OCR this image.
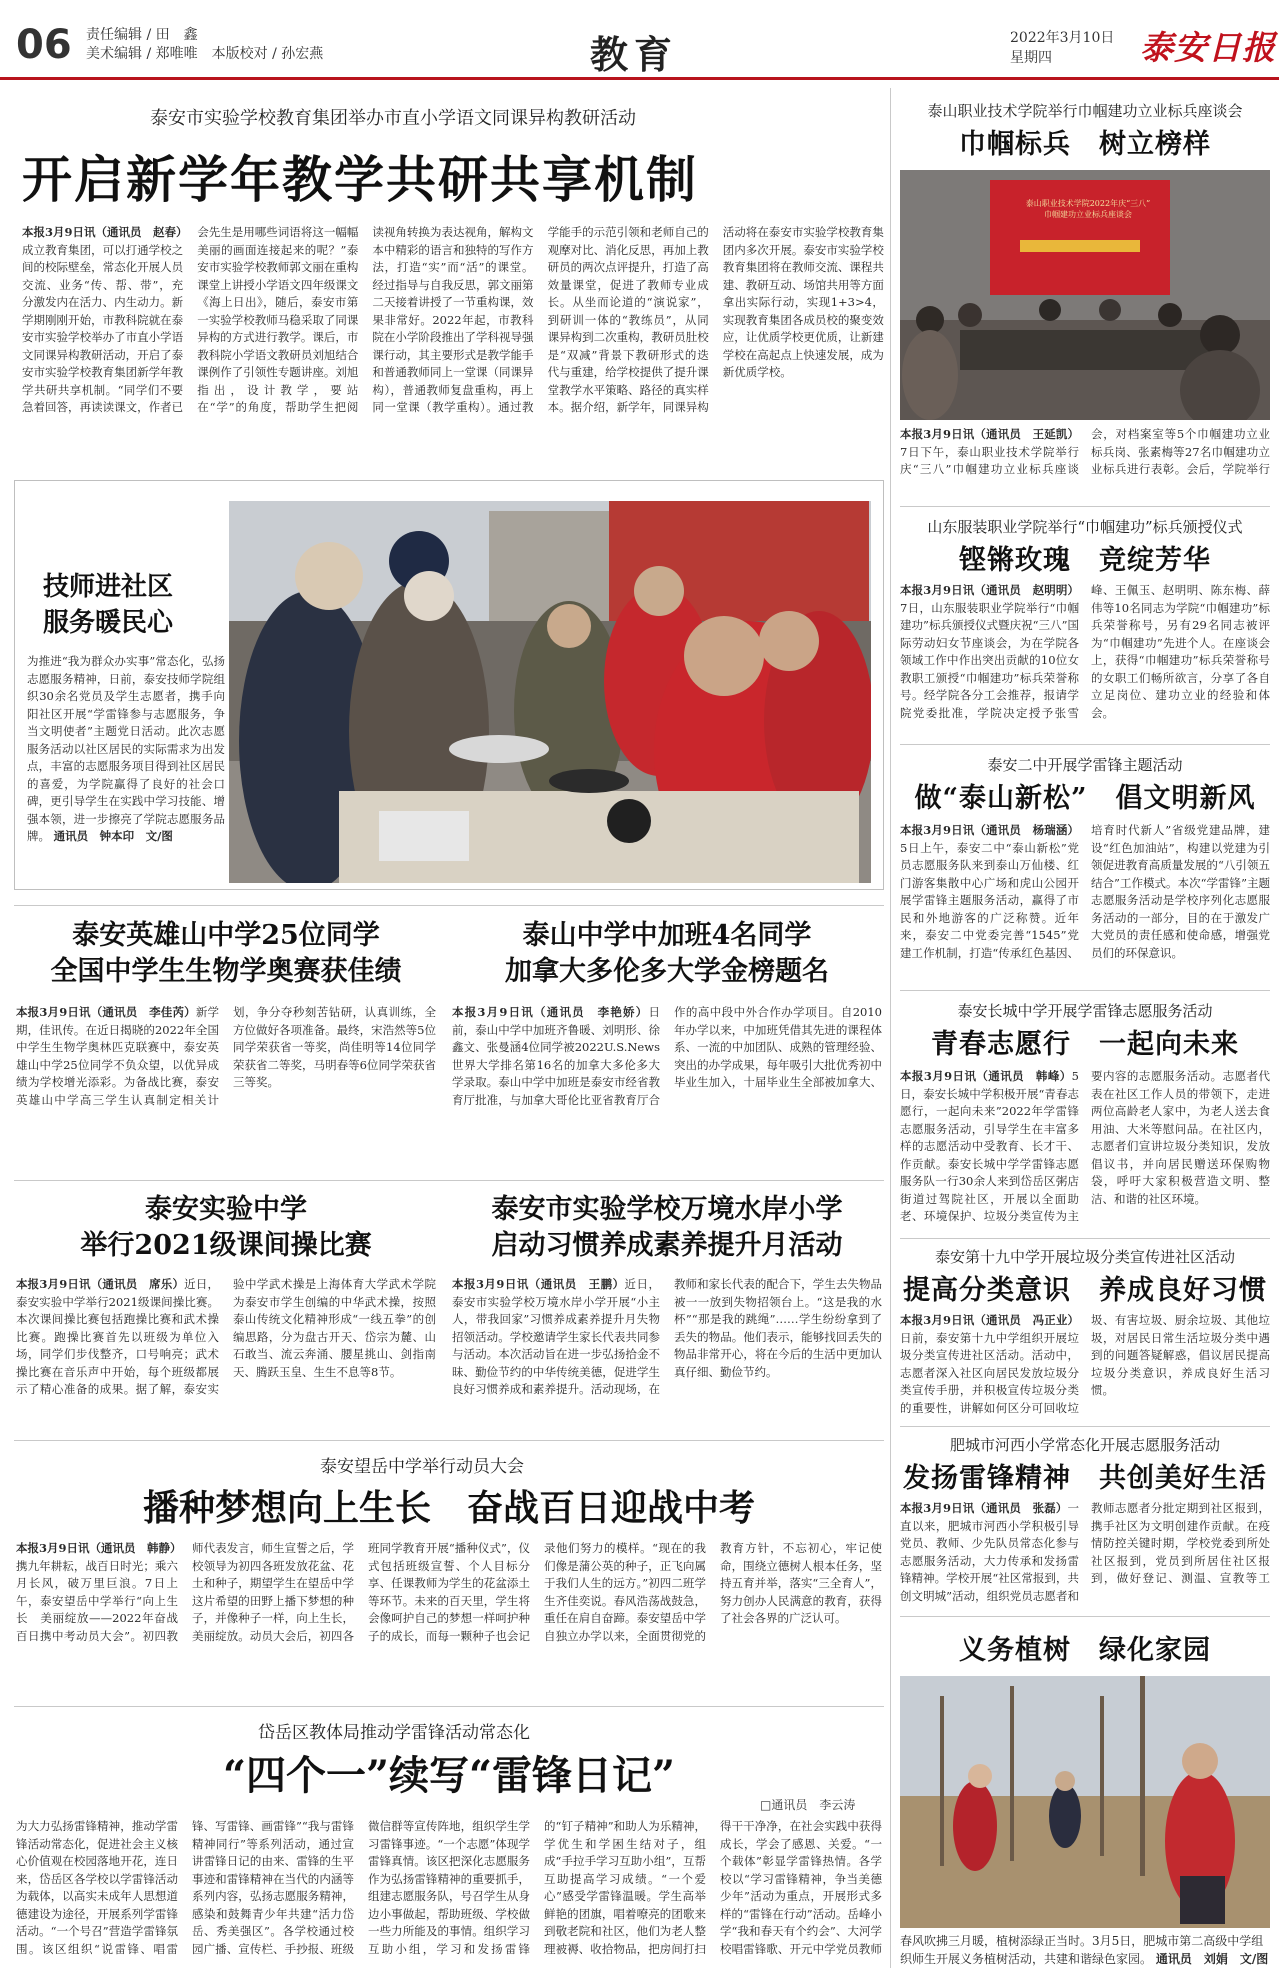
06 责任编辑 / 田　鑫
美术编辑 / 郑唯唯　本版校对 / 孙宏燕	教育	2022年3月10日
星期四	泰安日报
泰安市实验学校教育集团举办市直小学语文同课异构教研活动
开启新学年教学共研共享机制
本报3月9日讯（通讯员　赵春）成立教育集团，可以打通学校之间的校际壁垒，常态化开展人员交流、业务“传、帮、带”，充分激发内在活力、内生动力。新学期刚刚开始，市教科院就在泰安市实验学校举办了市直小学语文同课异构教研活动，开启了泰安市实验学校教育集团新学年教学共研共享机制。“同学们不要急着回答，再读读课文，作者已会先生是用哪些词语将这一幅幅美丽的画面连接起来的呢？”泰安市实验学校教师郭文丽在重构课堂上讲授小学语文四年级课文《海上日出》，随后，泰安市第一实验学校教师马稳采取了同课异构的方式进行教学。课后，市教科院小学语文教研员刘旭结合课例作了引领性专题讲座。刘旭指出，设计教学，要站在“学”的角度，帮助学生把阅读视角转换为表达视角，解构文本中精彩的语言和独特的写作方法，打造“实”而“活”的课堂。经过指导与自我反思，郭文丽第二天接着讲授了一节重构课，效果非常好。2022年起，市教科院在小学阶段推出了学科视导强课行动，其主要形式是教学能手和普通教师同上一堂课（同课异构），普通教师复盘重构，再上同一堂课（教学重构）。通过教学能手的示范引领和老师自己的观摩对比、消化反思，再加上教研员的两次点评提升，打造了高效量课堂，促进了教师专业成长。从坐而论道的“演说家”，到研训一体的“教练员”，从同课异构到二次重构，教研员肚校是“双减”背景下教研形式的迭代与重建，给学校提供了提升课堂教学水平策略、路径的真实样本。据介绍，新学年，同课异构活动将在泰安市实验学校教育集团内多次开展。泰安市实验学校教育集团将在教师交流、课程共建、教研互动、场馆共用等方面拿出实际行动，实现1+3>4，实现教育集团各成员校的聚变效应，让优质学校更优质，让新建学校在高起点上快速发展，成为新优质学校。
技师进社区
服务暖民心
为推进“我为群众办实事”常态化，弘扬志愿服务精神，日前，泰安技师学院组织30余名党员及学生志愿者，携手向阳社区开展“学雷锋参与志愿服务，争当文明使者”主题党日活动。此次志愿服务活动以社区居民的实际需求为出发点，丰富的志愿服务项目得到社区居民的喜爱，为学院赢得了良好的社会口碑，更引导学生在实践中学习技能、增强本领，进一步擦亮了学院志愿服务品牌。 通讯员　钟本印　文/图
泰安英雄山中学25位同学
全国中学生生物学奥赛获佳绩
本报3月9日讯（通讯员　李佳芮）新学期，佳讯传。在近日揭晓的2022年全国中学生生物学奥林匹克联赛中，泰安英雄山中学25位同学不负众望，以优异成绩为学校增光添彩。为备战比赛，泰安英雄山中学高三学生认真制定相关计划，争分夺秒刻苦钻研，认真训练，全方位做好各项准备。最终，宋浩然等5位同学荣获省一等奖，尚佳明等14位同学荣获省二等奖，马明春等6位同学荣获省三等奖。
泰山中学中加班4名同学
加拿大多伦多大学金榜题名
本报3月9日讯（通讯员　李艳娇）日前，泰山中学中加班齐鲁暖、刘明形、徐鑫文、张曼涵4位同学被2022U.S.News世界大学排名第16名的加拿大多伦多大学录取。泰山中学中加班是泰安市经省教育厅批准，与加拿大哥伦比亚省教育厅合作的高中段中外合作办学项目。自2010年办学以来，中加班凭借其先进的课程体系、一流的中加团队、成熟的管理经验、突出的办学成果，每年吸引大批优秀初中毕业生加入，十届毕业生全部被加拿大、
泰安实验中学
举行2021级课间操比赛
本报3月9日讯（通讯员　席乐）近日，泰安实验中学举行2021级课间操比赛。本次课间操比赛包括跑操比赛和武术操比赛。跑操比赛首先以班级为单位入场，同学们步伐整齐，口号响亮；武术操比赛在音乐声中开始，每个班级都展示了精心准备的成果。据了解，泰安实验中学武术操是上海体育大学武术学院为泰安市学生创编的中华武术操，按照泰山传统文化精神形成“一线五拳”的创编思路，分为盘古开天、岱宗为麓、山石敢当、流云奔涌、腰星挑山、剑指南天、腾跃玉皇、生生不息等8节。
泰安市实验学校万境水岸小学
启动习惯养成素养提升月活动
本报3月9日讯（通讯员　王鹏）近日，泰安市实验学校万境水岸小学开展“小主人，带我回家”习惯养成素养提升月失物招领活动。学校邀请学生家长代表共同参与活动。本次活动旨在进一步弘扬拾金不昧、勤俭节约的中华传统美德，促进学生良好习惯养成和素养提升。活动现场，在教师和家长代表的配合下，学生去失物品被一一放到失物招领台上。“这是我的水杯”“那是我的跳绳”……学生纷纷拿到了丢失的物品。他们表示，能够找回丢失的物品非常开心，将在今后的生活中更加认真仔细、勤俭节约。
泰安望岳中学举行动员大会
播种梦想向上生长　奋战百日迎战中考
本报3月9日讯（通讯员　韩静）携九年耕耘，战百日时光；乘六月长风，破万里巨浪。7日上午，泰安望岳中学举行“向上生长　美丽绽放——2022年奋战百日携中考动员大会”。初四教师代表发言，师生宣誓之后，学校领导为初四各班发放花盆、花土和种子，期望学生在望岳中学这片希望的田野上播下梦想的种子，并像种子一样，向上生长，美丽绽放。动员大会后，初四各班同学教育开展“播种仪式”，仪式包括班级宣誓、个人目标分享、任课教师为学生的花盆添土等环节。未来的百天里，学生将会像呵护自己的梦想一样呵护种子的成长，而每一颗种子也会记录他们努力的模样。“现在的我们像是蒲公英的种子，正飞向属于我们人生的远方。”初四二班学生齐佳奕说。春风浩荡战鼓急，重任在肩自奋蹄。泰安望岳中学自独立办学以来，全面贯彻党的教育方针，不忘初心，牢记使命，围绕立德树人根本任务，坚持五育并举，落实“三全育人”，努力创办人民满意的教育，获得了社会各界的广泛认可。
岱岳区教体局推动学雷锋活动常态化
“四个一”续写“雷锋日记”
□通讯员　李云涛
为大力弘扬雷锋精神，推动学雷锋活动常态化，促进社会主义核心价值观在校园落地开花，连日来，岱岳区各学校以学雷锋活动为载体，以高实未成年人思想道德建设为途径，开展系列学雷锋活动。“一个号召”营造学雷锋氛围。该区组织“说雷锋、唱雷锋、写雷锋、画雷锋”“我与雷锋精神同行”等系列活动，通过宣讲雷锋日记的由来、雷锋的生平事迹和雷锋精神在当代的内涵等系列内容，弘扬志愿服务精神，感染和鼓舞青少年共建“活力岱岳、秀美强区”。各学校通过校园广播、宣传栏、手抄报、班级微信群等宣传阵地，组织学生学习雷锋事迹。“一个志愿”体现学雷锋真情。该区把深化志愿服务作为弘扬雷锋精神的重要抓手，组建志愿服务队，号召学生从身边小事做起，帮助班级、学校做一些力所能及的事情。组织学习互助小组，学习和发扬雷锋的“钉子精神”和助人为乐精神，学优生和学困生结对子，组成“手拉手学习互助小组”，互帮互助提高学习成绩。“一个爱心”感受学雷锋温暖。学生高举鲜艳的团旗，唱着嘹亮的团歌来到敬老院和社区，他们为老人整理被褥、收拾物品，把房间打扫得干干净净，在社会实践中获得成长，学会了感恩、关爱。“一个载体”彰显学雷锋热情。各学校以“学习雷锋精神，争当美德少年”活动为重点，开展形式多样的“雷锋在行动”活动。岳峰小学“我和春天有个约会”、大河学校唱雷锋歌、开元中学党员教师
泰山职业技术学院举行巾帼建功立业标兵座谈会
巾帼标兵　树立榜样
泰山职业技术学院2022年庆“三八”
巾帼建功立业标兵座谈会
本报3月9日讯（通讯员　王延凯）7日下午，泰山职业技术学院举行庆“三八”巾帼建功立业标兵座谈会，对档案室等5个巾帼建功立业标兵岗、张素梅等27名巾帼建功立业标兵进行表彰。会后，学院举行
山东服装职业学院举行“巾帼建功”标兵颁授仪式
铿锵玫瑰　竞绽芳华
本报3月9日讯（通讯员　赵明明）7日，山东服装职业学院举行“巾帼建功”标兵颁授仪式暨庆祝“三八”国际劳动妇女节座谈会，为在学院各领域工作中作出突出贡献的10位女教职工颁授“巾帼建功”标兵荣誉称号。经学院各分工会推荐，报请学院党委批准，学院决定授予张雪峰、王佩玉、赵明明、陈东梅、薛伟等10名同志为学院“巾帼建功”标兵荣誉称号，另有29名同志被评为“巾帼建功”先进个人。在座谈会上，获得“巾帼建功”标兵荣誉称号的女职工们畅所欲言，分享了各自立足岗位、建功立业的经验和体会。
泰安二中开展学雷锋主题活动
做“泰山新松”　倡文明新风
本报3月9日讯（通讯员　杨瑞涵）5日上午，泰安二中“泰山新松”党员志愿服务队来到泰山万仙楼、红门游客集散中心广场和虎山公园开展学雷锋主题服务活动，赢得了市民和外地游客的广泛称赞。近年来，泰安二中党委完善“1545”党建工作机制，打造“传承红色基因、培育时代新人”省级党建品牌，建设“红色加油站”，构建以党建为引领促进教育高质量发展的“八引领五结合”工作模式。本次“学雷锋”主题志愿服务活动是学校序列化志愿服务活动的一部分，目的在于激发广大党员的责任感和使命感，增强党员们的环保意识。
泰安长城中学开展学雷锋志愿服务活动
青春志愿行　一起向未来
本报3月9日讯（通讯员　韩峰）5日，泰安长城中学积极开展“青春志愿行，一起向未来”2022年学雷锋志愿服务活动，引导学生在丰富多样的志愿活动中受教育、长才干、作贡献。泰安长城中学学雷锋志愿服务队一行30余人来到岱岳区粥店街道过驾院社区，开展以全面助老、环境保护、垃圾分类宣传为主要内容的志愿服务活动。志愿者代表在社区工作人员的带领下，走进两位高龄老人家中，为老人送去食用油、大米等慰问品。在社区内，志愿者们宣讲垃圾分类知识，发放倡议书，并向居民赠送环保购物袋，呼吁大家积极营造文明、整洁、和谐的社区环境。
泰安第十九中学开展垃圾分类宣传进社区活动
提高分类意识　养成良好习惯
本报3月9日讯（通讯员　冯正业）日前，泰安第十九中学组织开展垃圾分类宣传进社区活动。活动中，志愿者深入社区向居民发放垃圾分类宣传手册，并积极宣传垃圾分类的重要性，讲解如何区分可回收垃圾、有害垃圾、厨余垃圾、其他垃圾，对居民日常生活垃圾分类中遇到的问题答疑解惑，倡议居民提高垃圾分类意识，养成良好生活习惯。
肥城市河西小学常态化开展志愿服务活动
发扬雷锋精神　共创美好生活
本报3月9日讯（通讯员　张磊）一直以来，肥城市河西小学积极引导党员、教师、少先队员常态化参与志愿服务活动，大力传承和发扬雷锋精神。学校开展“社区常报到，共创文明城”活动，组织党员志愿者和教师志愿者分批定期到社区报到，携手社区为文明创建作贡献。在疫情防控关键时期，学校党委到所处社区报到，党员到所居住社区报到，做好登记、测温、宣教等工
义务植树　绿化家园
春风吹拂三月暖，植树添绿正当时。3月5日，肥城市第二高级中学组织师生开展义务植树活动，共建和谐绿色家园。 通讯员　刘娟　文/图
